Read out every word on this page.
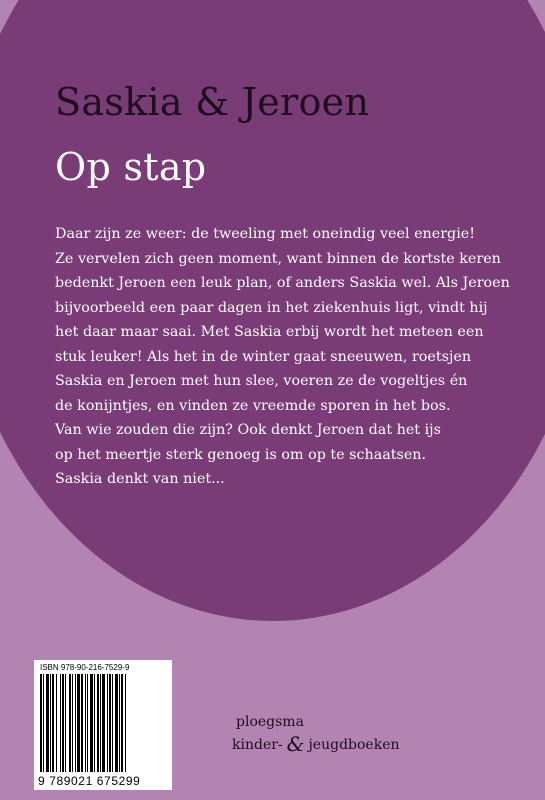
Saskia & Jeroen
Op stap
Daar zijn ze weer: de tweeling met oneindig veel energie!
Ze vervelen zich geen moment, want binnen de kortste keren
bedenkt Jeroen een leuk plan, of anders Saskia wel. Als Jeroen
bijvoorbeeld een paar dagen in het ziekenhuis ligt, vindt hij
het daar maar saai. Met Saskia erbij wordt het meteen een
stuk leuker! Als het in de winter gaat sneeuwen, roetsjen
Saskia en Jeroen met hun slee, voeren ze de vogeltjes én
de konijntjes, en vinden ze vreemde sporen in het bos.
Van wie zouden die zijn? Ook denkt Jeroen dat het ijs
op het meertje sterk genoeg is om op te schaatsen.
Saskia denkt van niet...
ISBN 978-90-216-7529-9
9 789021 675299
ploegsma
kinder- & jeugdboeken
